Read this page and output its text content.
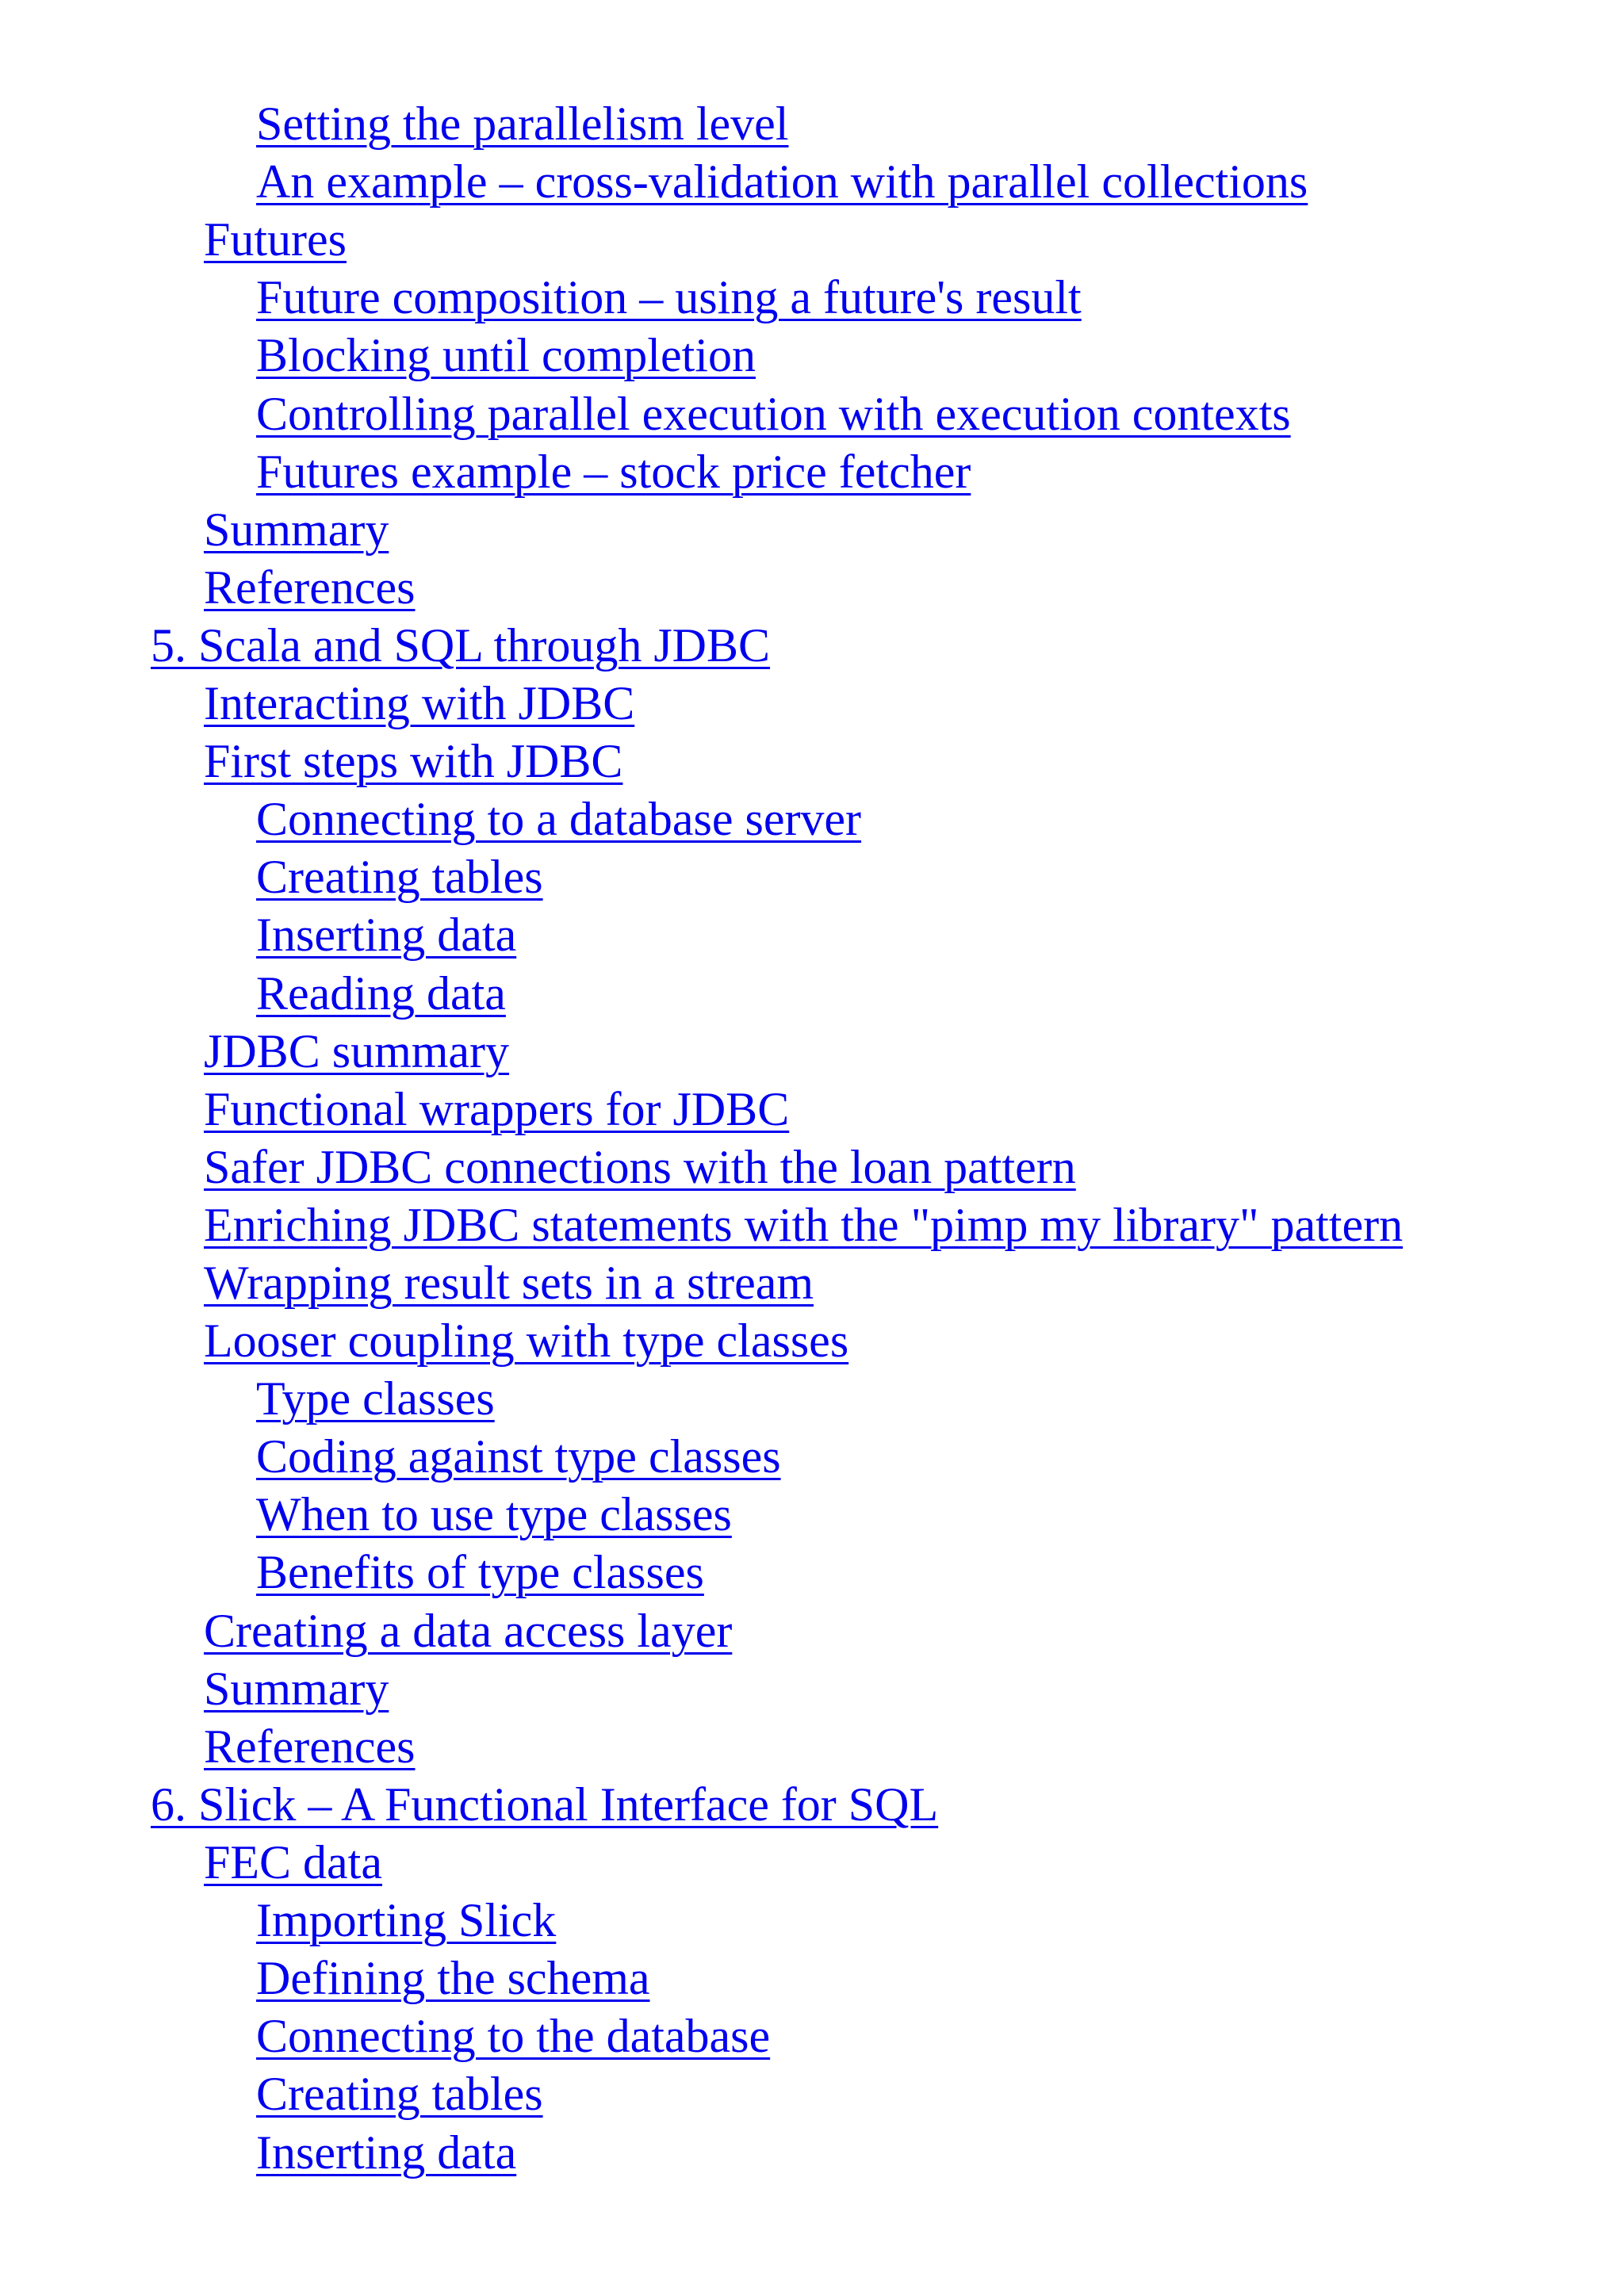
Setting the parallelism level
An example – cross-validation with parallel collections
Futures
Future composition – using a future's result
Blocking until completion
Controlling parallel execution with execution contexts
Futures example – stock price fetcher
Summary
References
5. Scala and SQL through JDBC
Interacting with JDBC
First steps with JDBC
Connecting to a database server
Creating tables
Inserting data
Reading data
JDBC summary
Functional wrappers for JDBC
Safer JDBC connections with the loan pattern
Enriching JDBC statements with the "pimp my library" pattern
Wrapping result sets in a stream
Looser coupling with type classes
Type classes
Coding against type classes
When to use type classes
Benefits of type classes
Creating a data access layer
Summary
References
6. Slick – A Functional Interface for SQL
FEC data
Importing Slick
Defining the schema
Connecting to the database
Creating tables
Inserting data
